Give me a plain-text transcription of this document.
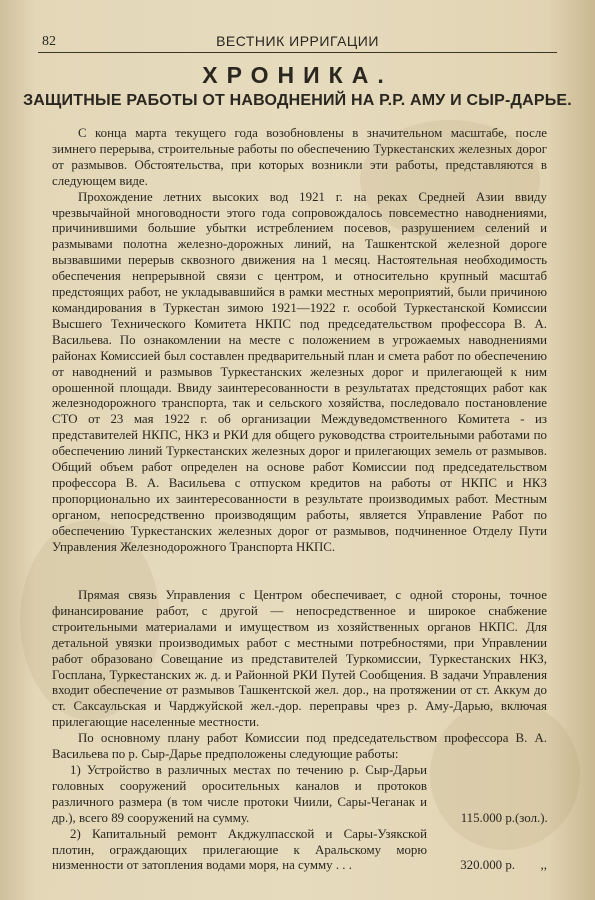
82	ВЕСТНИК ИРРИГАЦИИ
ХРОНИКА.
ЗАЩИТНЫЕ РАБОТЫ ОТ НАВОДНЕНИЙ НА Р.Р. АМУ И СЫР-ДАРЬЕ.

С конца марта текущего года возобновлены в значительном масштабе, после зимнего перерыва, строительные работы по обеспечению Туркестанских железных дорог от размывов. Обстоятельства, при которых возникли эти работы, представляются в следующем виде.

Прохождение летних высоких вод 1921 г. на реках Средней Азии ввиду чрезвычайной многоводности этого года сопровождалось повсеместно наводнениями, причинившими большие убытки истреблением посевов, разрушением селений и размывами полотна железно-дорожных линий, на Ташкентской железной дороге вызвавшими перерыв сквозного движения на 1 месяц. Настоятельная необходимость обеспечения непрерывной связи с центром, и относительно крупный масштаб предстоящих работ, не укладывавшийся в рамки местных мероприятий, были причиною командирования в Туркестан зимою 1921—1922 г. особой Туркестанской Комиссии Высшего Технического Комитета НКПС под председательством профессора В. А. Васильева. По ознакомлении на месте с положением в угрожаемых наводнениями районах Комиссией был составлен предварительный план и смета работ по обеспечению от наводнений и размывов Туркестанских железных дорог и прилегающей к ним орошенной площади. Ввиду заинтересованности в результатах предстоящих работ как железнодорожного транспорта, так и сельского хозяйства, последовало постановление СТО от 23 мая 1922 г. об организации Междуведомственного Комитета - из представителей НКПС, НКЗ и РКИ для общего руководства строительными работами по обеспечению линий Туркестанских железных дорог и прилегающих земель от размывов. Общий объем работ определен на основе работ Комиссии под председательством профессора В. А. Васильева с отпуском кредитов на работы от НКПС и НКЗ пропорционально их заинтересованности в результате производимых работ. Местным органом, непосредственно производящим работы, является Управление Работ по обеспечению Туркестанских железных дорог от размывов, подчиненное Отделу Пути Управления Железнодорожного Транспорта НКПС.

Прямая связь Управления с Центром обеспечивает, с одной стороны, точное финансирование работ, с другой — непосредственное и широкое снабжение строительными материалами и имуществом из хозяйственных органов НКПС. Для детальной увязки производимых работ с местными потребностями, при Управлении работ образовано Совещание из представителей Туркомиссии, Туркестанских НКЗ, Госплана, Туркестанских ж. д. и Районной РКИ Путей Сообщения. В задачи Управления входит обеспечение от размывов Ташкентской жел. дор., на протяжении от ст. Аккум до ст. Саксаульская и Чарджуйской жел.-дор. переправы чрез р. Аму-Дарью, включая прилегающие населенные местности.

По основному плану работ Комиссии под председательством профессора В. А. Васильева по р. Сыр-Дарье предположены следующие работы:

1) Устройство в различных местах по течению р. Сыр-Дарьи головных сооружений оросительных каналов и протоков различного размера (в том числе протоки Чиили, Сары-Чеганак и др.), всего 89 сооружений на сумму.	115.000 р. (зол.).
2) Капитальный ремонт Акджулпасской и Сары-Узякской плотин, ограждающих прилегающие к Аральскому морю низменности от затопления водами моря, на сумму . . .	320.000 р.	,,
